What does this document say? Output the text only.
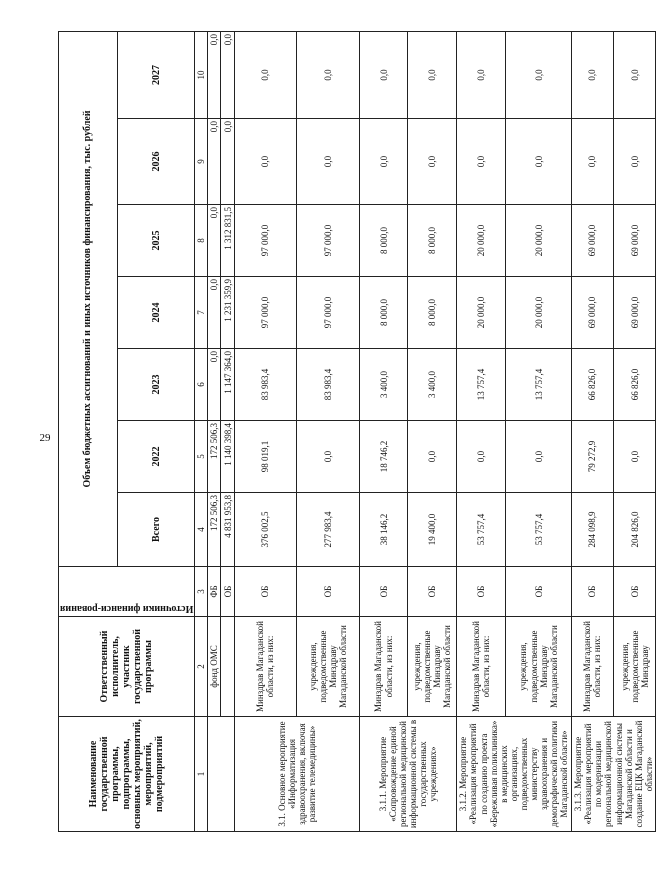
29
Наименование государственной программы, подпрограммы, основных мероприятий, мероприятий, подмероприятий	Ответственный исполнитель, участник государственной программы	Источники финанси-рования	Объем бюджетных ассигнований и иных источников финансирования, тыс. рублей						
			Всего	2022	2023	2024	2025	2026	2027
1	2	3	4	5	6	7	8	9	10
	фонд ОМС	ФБ	172 506,3	172 506,3	0,0	0,0	0,0	0,0	0,0
		ОБ	4 831 953,8	1 140 398,4	1 147 364,0	1 231 359,9	1 312 831,5	0,0	0,0
3.1. Основное мероприятие «Информатизация здравоохранения, включая развитие телемедицины»	Минздрав Магаданской области, из них:	ОБ	376 002,5	98 019,1	83 983,4	97 000,0	97 000,0	0,0	0,0
	учреждения, подведомственные Минздраву Магаданской области	ОБ	277 983,4	0,0	83 983,4	97 000,0	97 000,0	0,0	0,0
3.1.1. Мероприятие «Сопровождение единой региональной медицинской информационной системы в государственных учреждениях»	Минздрав Магаданской области, из них:	ОБ	38 146,2	18 746,2	3 400,0	8 000,0	8 000,0	0,0	0,0
	учреждения, подведомственные Минздраву Магаданской области	ОБ	19 400,0	0,0	3 400,0	8 000,0	8 000,0	0,0	0,0
3.1.2. Мероприятие «Реализация мероприятий по созданию проекта «Бережливая поликлиника» в медицинских организациях, подведомственных министерству здравоохранения и демографической политики Магаданской области»	Минздрав Магаданской области, из них:	ОБ	53 757,4	0,0	13 757,4	20 000,0	20 000,0	0,0	0,0
	учреждения, подведомственные Минздраву Магаданской области	ОБ	53 757,4	0,0	13 757,4	20 000,0	20 000,0	0,0	0,0
3.1.3. Мероприятие «Реализация мероприятий по модернизации региональной медицинской информационной системы Магаданской области и создание ЕЦК Магаданской области»	Минздрав Магаданской области, из них:	ОБ	284 098,9	79 272,9	66 826,0	69 000,0	69 000,0	0,0	0,0
	учреждения, подведомственные Минздраву	ОБ	204 826,0	0,0	66 826,0	69 000,0	69 000,0	0,0	0,0
